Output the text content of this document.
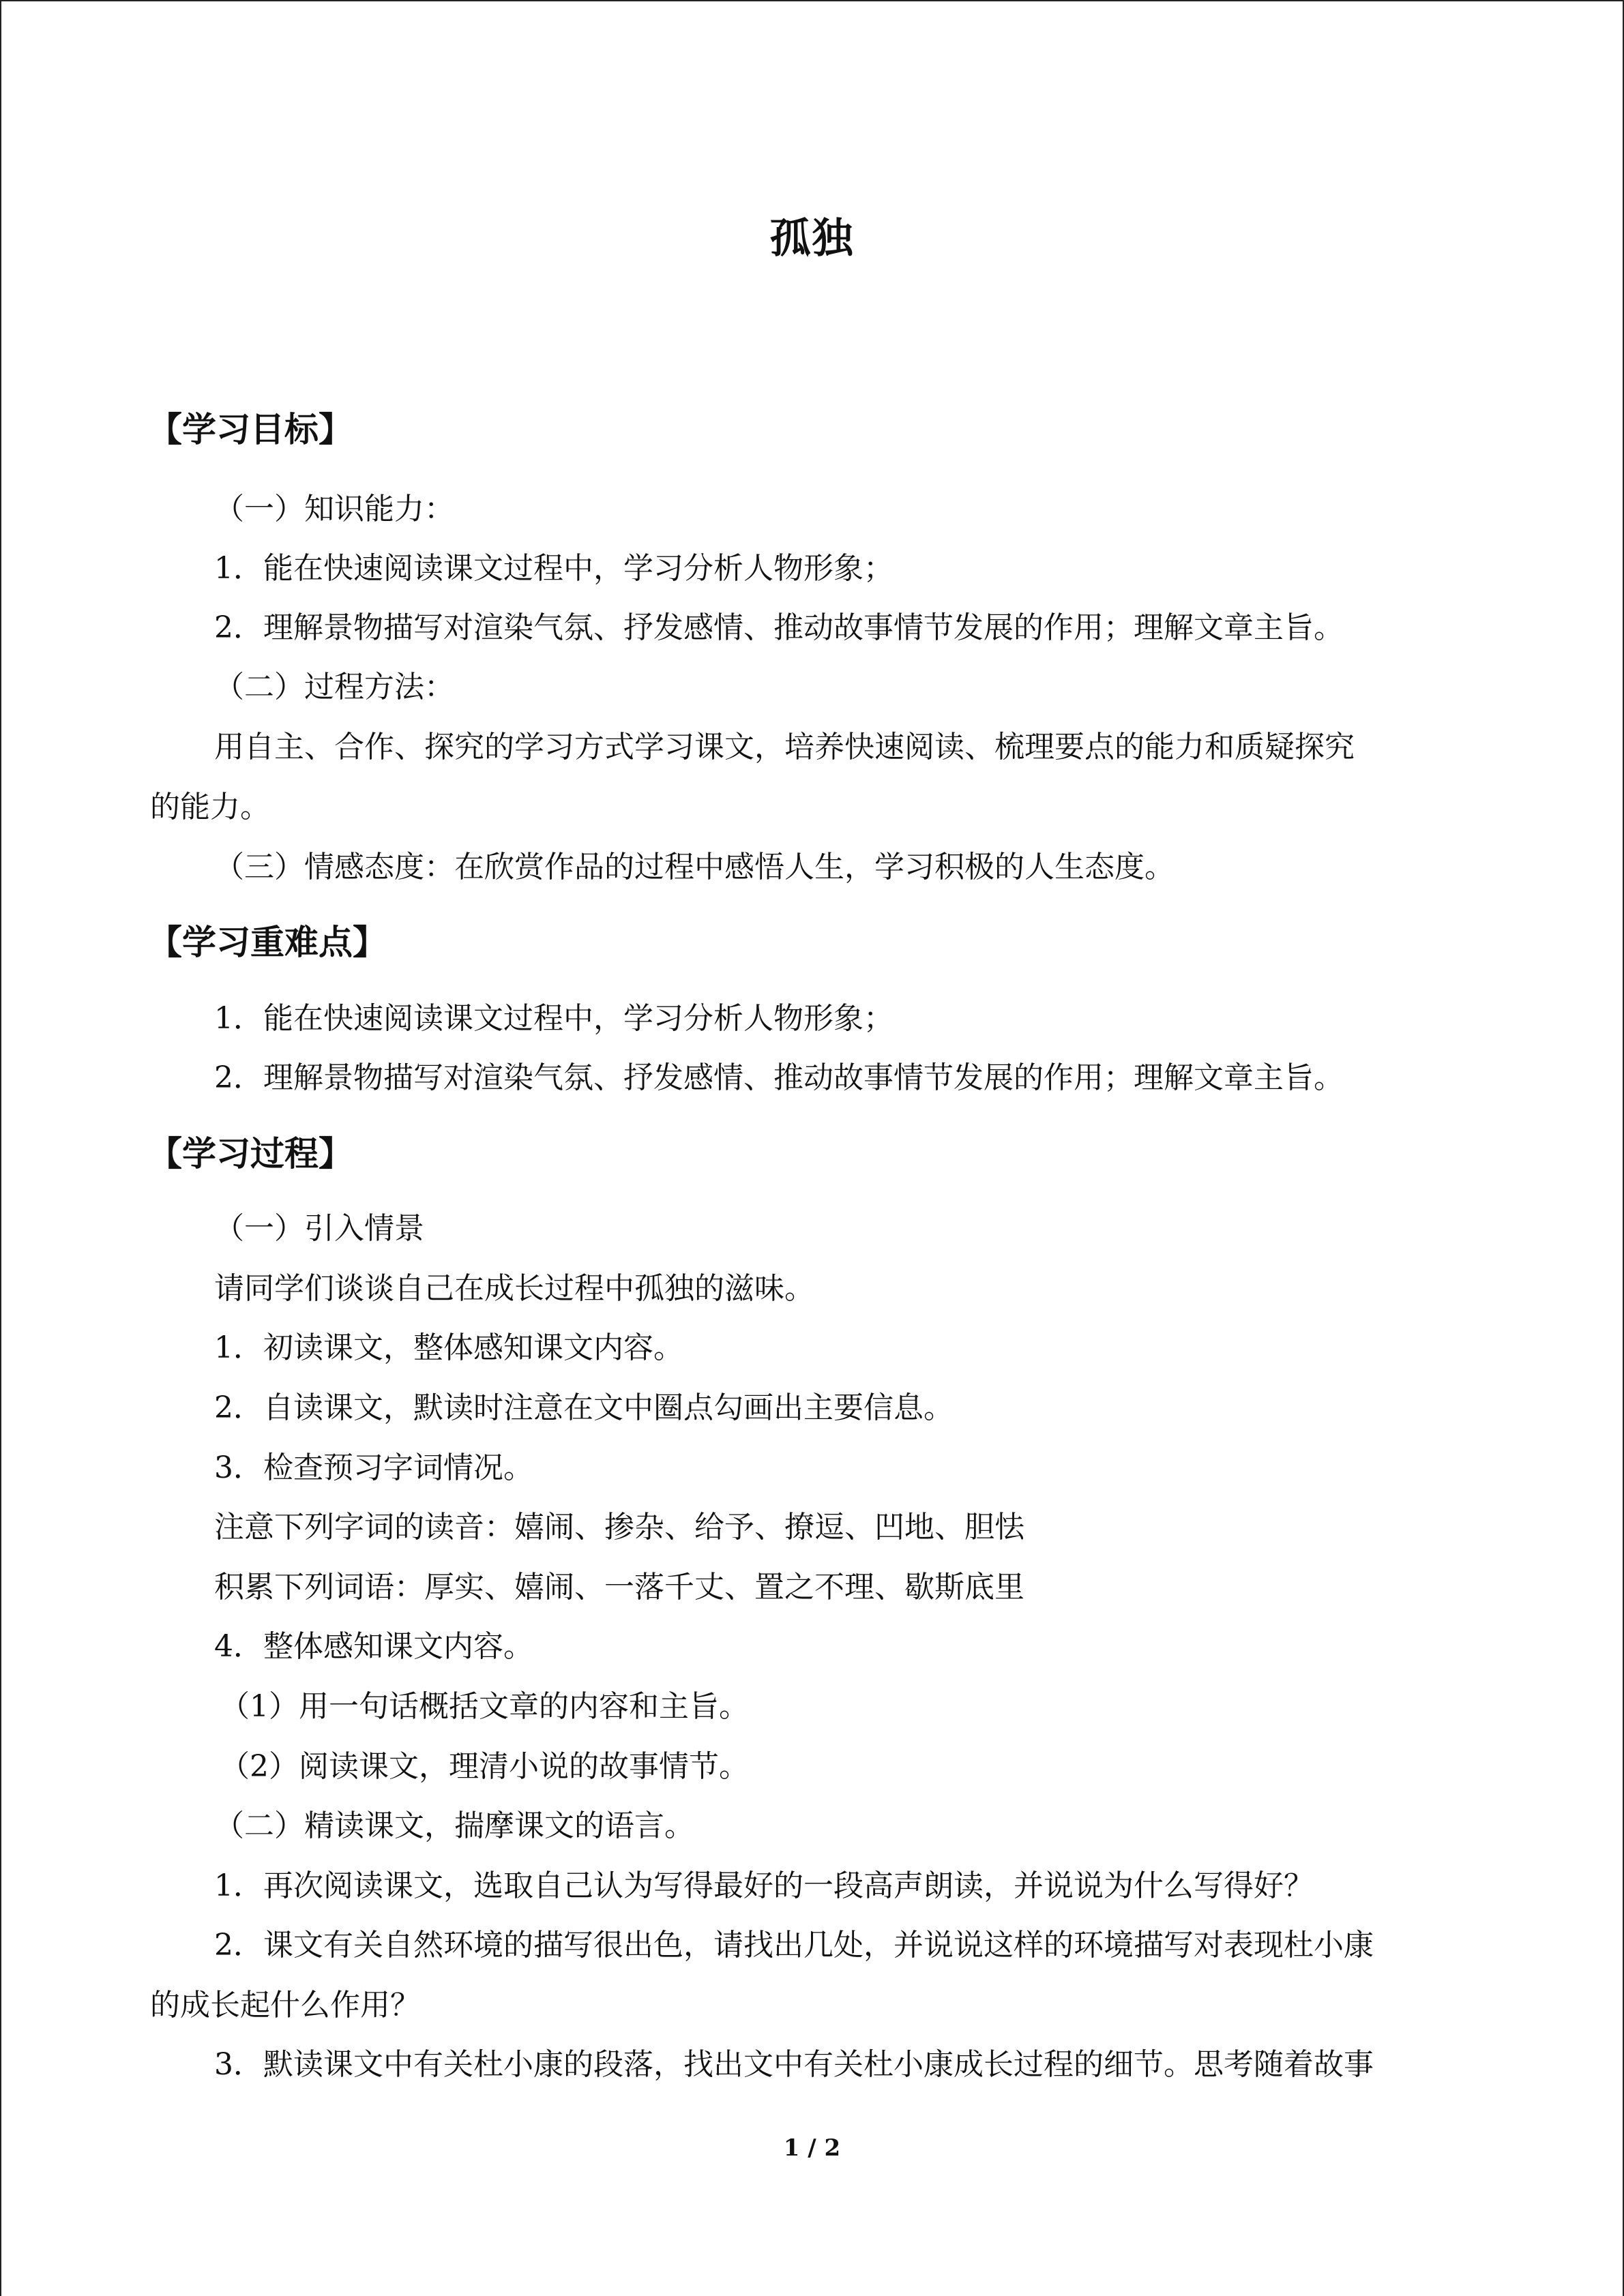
孤独
【学习目标】
（一）知识能力：
1．能在快速阅读课文过程中，学习分析人物形象；
2．理解景物描写对渲染气氛、抒发感情、推动故事情节发展的作用；理解文章主旨。
（二）过程方法：
用自主、合作、探究的学习方式学习课文，培养快速阅读、梳理要点的能力和质疑探究
的能力。
（三）情感态度：在欣赏作品的过程中感悟人生，学习积极的人生态度。
【学习重难点】
1．能在快速阅读课文过程中，学习分析人物形象；
2．理解景物描写对渲染气氛、抒发感情、推动故事情节发展的作用；理解文章主旨。
【学习过程】
（一）引入情景
请同学们谈谈自己在成长过程中孤独的滋味。
1．初读课文，整体感知课文内容。
2．自读课文，默读时注意在文中圈点勾画出主要信息。
3．检查预习字词情况。
注意下列字词的读音：嬉闹、掺杂、给予、撩逗、凹地、胆怯
积累下列词语：厚实、嬉闹、一落千丈、置之不理、歇斯底里
4．整体感知课文内容。
（1）用一句话概括文章的内容和主旨。
（2）阅读课文，理清小说的故事情节。
（二）精读课文，揣摩课文的语言。
1．再次阅读课文，选取自己认为写得最好的一段高声朗读，并说说为什么写得好？
2．课文有关自然环境的描写很出色，请找出几处，并说说这样的环境描写对表现杜小康
的成长起什么作用？
3．默读课文中有关杜小康的段落，找出文中有关杜小康成长过程的细节。思考随着故事
1 / 2
